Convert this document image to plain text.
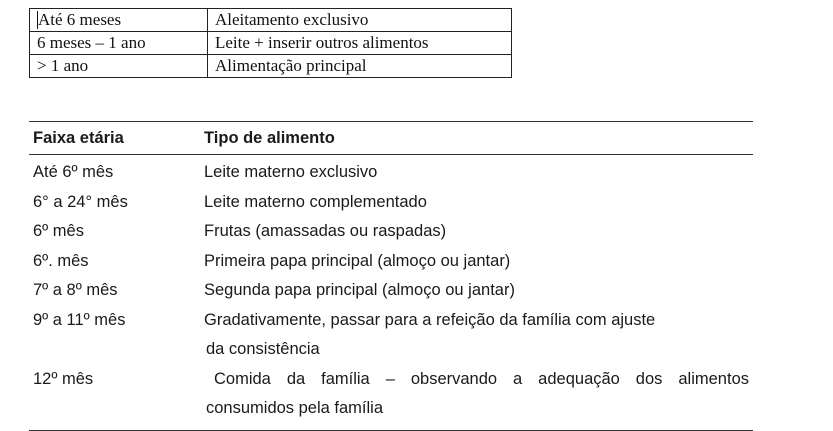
Até 6 meses	Aleitamento exclusivo
6 meses – 1 ano	Leite + inserir outros alimentos
> 1 ano	Alimentação principal
Faixa etária	Tipo de alimento
Até 6º mês	Leite materno exclusivo
6° a 24° mês	Leite materno complementado
6º mês	Frutas (amassadas ou raspadas)
6º. mês	Primeira papa principal (almoço ou jantar)
7º a 8º mês	Segunda papa principal (almoço ou jantar)
9º a 11º mês	Gradativamente, passar para a refeição da família com ajuste
da consistência
12º mês	Comida da família – observando a adequação dos alimentos
consumidos pela família
